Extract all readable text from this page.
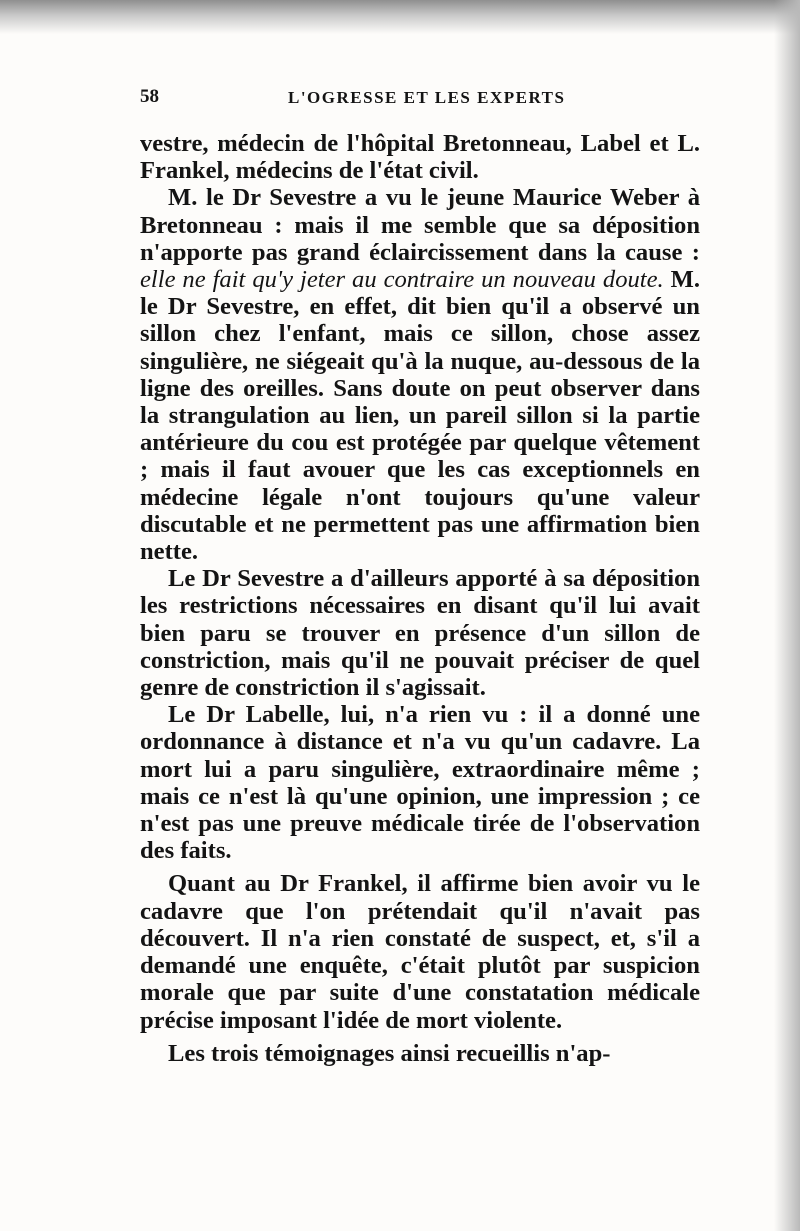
58	L'OGRESSE ET LES EXPERTS

vestre, médecin de l'hôpital Bretonneau, Label et L. Frankel, médecins de l'état civil.

M. le Dr Sevestre a vu le jeune Maurice Weber à Bretonneau : mais il me semble que sa déposition n'apporte pas grand éclaircissement dans la cause : elle ne fait qu'y jeter au contraire un nouveau doute. M. le Dr Sevestre, en effet, dit bien qu'il a observé un sillon chez l'enfant, mais ce sillon, chose assez singulière, ne siégeait qu'à la nuque, au-dessous de la ligne des oreilles. Sans doute on peut observer dans la strangulation au lien, un pareil sillon si la partie antérieure du cou est protégée par quelque vêtement ; mais il faut avouer que les cas exceptionnels en médecine légale n'ont toujours qu'une valeur discutable et ne permettent pas une affirmation bien nette.

Le Dr Sevestre a d'ailleurs apporté à sa déposition les restrictions nécessaires en disant qu'il lui avait bien paru se trouver en présence d'un sillon de constriction, mais qu'il ne pouvait préciser de quel genre de constriction il s'agissait.

Le Dr Labelle, lui, n'a rien vu : il a donné une ordonnance à distance et n'a vu qu'un cadavre. La mort lui a paru singulière, extraordinaire même ; mais ce n'est là qu'une opinion, une impression ; ce n'est pas une preuve médicale tirée de l'observation des faits.

Quant au Dr Frankel, il affirme bien avoir vu le cadavre que l'on prétendait qu'il n'avait pas découvert. Il n'a rien constaté de suspect, et, s'il a demandé une enquête, c'était plutôt par suspicion morale que par suite d'une constatation médicale précise imposant l'idée de mort violente.

Les trois témoignages ainsi recueillis n'ap-
